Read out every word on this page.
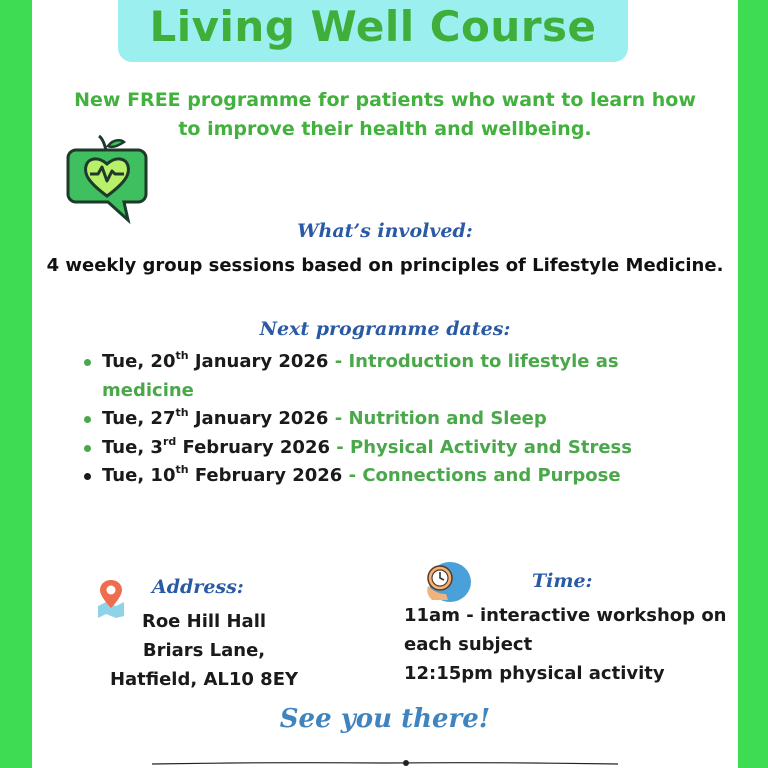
Living Well Course
New FREE programme for patients who want to learn how to improve their health and wellbeing.
What’s involved:
4 weekly group sessions based on principles of Lifestyle Medicine.
Next programme dates:
Tue, 20th January 2026 - Introduction to lifestyle as medicine
Tue, 27th January 2026 - Nutrition and Sleep
Tue, 3rd February 2026 - Physical Activity and Stress
Tue, 10th February 2026 - Connections and Purpose
Address:
Roe Hill Hall
Briars Lane,
Hatfield, AL10 8EY
Time:
11am - interactive workshop on
each subject
12:15pm physical activity
See you there!
